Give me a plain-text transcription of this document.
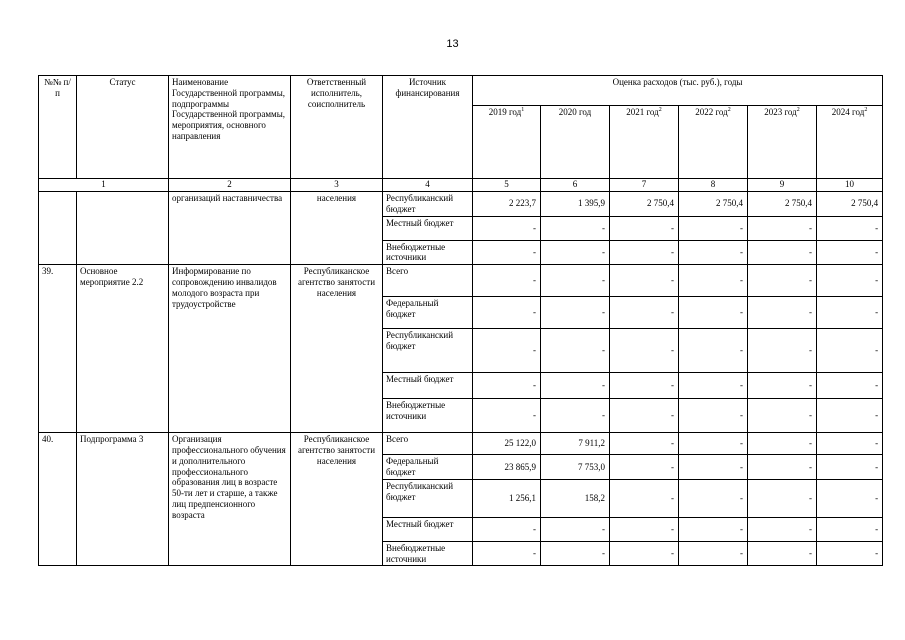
13
№№ п/п	Статус	Наименование Государственной программы, подпрограммы Государственной программы, мероприятия, основного направления	Ответственный исполнитель, соисполнитель	Источник финансирования	Оценка расходов (тыс. руб.), годы					
					2019 год$^1$	2020 год	2021 год$^2$	2022 год$^2$	2023 год$^2$	2024 год$^2$
1		2	3	4	5	6	7	8	9	10
		организаций наставничества	населения	Республиканский бюджет	2 223,7	1 395,9	2 750,4	2 750,4	2 750,4	2 750,4
				Местный бюджет	-	-	-	-	-	-
				Внебюджетные источники	-	-	-	-	-	-
39.	Основное мероприятие 2.2	Информирование по сопровождению инвалидов молодого возраста при трудоустройстве	Республиканское агентство занятости населения	Всего	-	-	-	-	-	-
				Федеральный бюджет	-	-	-	-	-	-
				Республиканский бюджет	-	-	-	-	-	-
				Местный бюджет	-	-	-	-	-	-
				Внебюджетные источники	-	-	-	-	-	-
40.	Подпрограмма 3	Организация профессионального обучения и дополнительного профессионального образования лиц в возрасте 50-ти лет и старше, а также лиц предпенсионного возраста	Республиканское агентство занятости населения	Всего	25 122,0	7 911,2	-	-	-	-
				Федеральный бюджет	23 865,9	7 753,0	-	-	-	-
				Республиканский бюджет	1 256,1	158,2	-	-	-	-
				Местный бюджет	-	-	-	-	-	-
				Внебюджетные источники	-	-	-	-	-	-
